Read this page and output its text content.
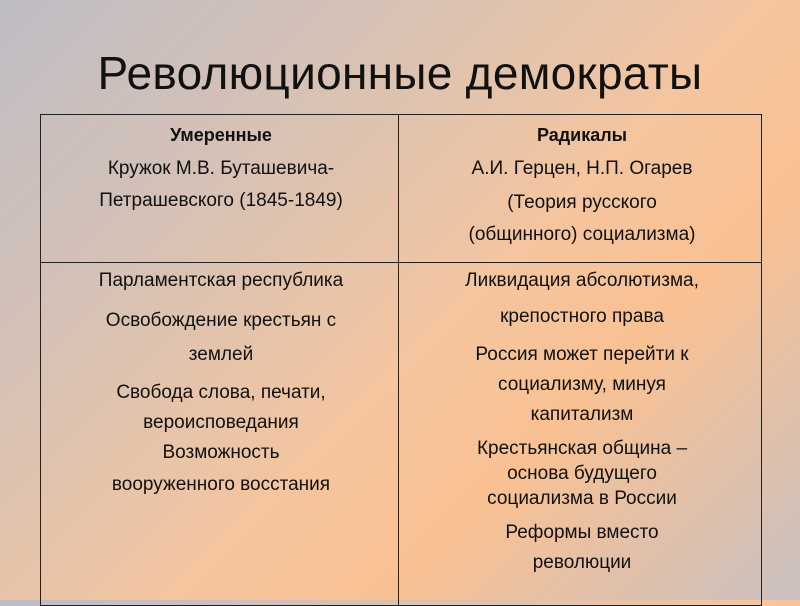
Революционные демократы

Умеренные

Кружок М.В. Буташевича-

Петрашевского (1845-1849)

Радикалы

А.И. Герцен, Н.П. Огарев

(Теория русского

(общинного) социализма)

Парламентская республика

Освобождение крестьян с

землей

Свобода слова, печати,

вероисповедания

Возможность

вооруженного восстания

Ликвидация абсолютизма,

крепостного права

Россия может перейти к

социализму, минуя

капитализм

Крестьянская община –

основа будущего

социализма в России

Реформы вместо

революции
